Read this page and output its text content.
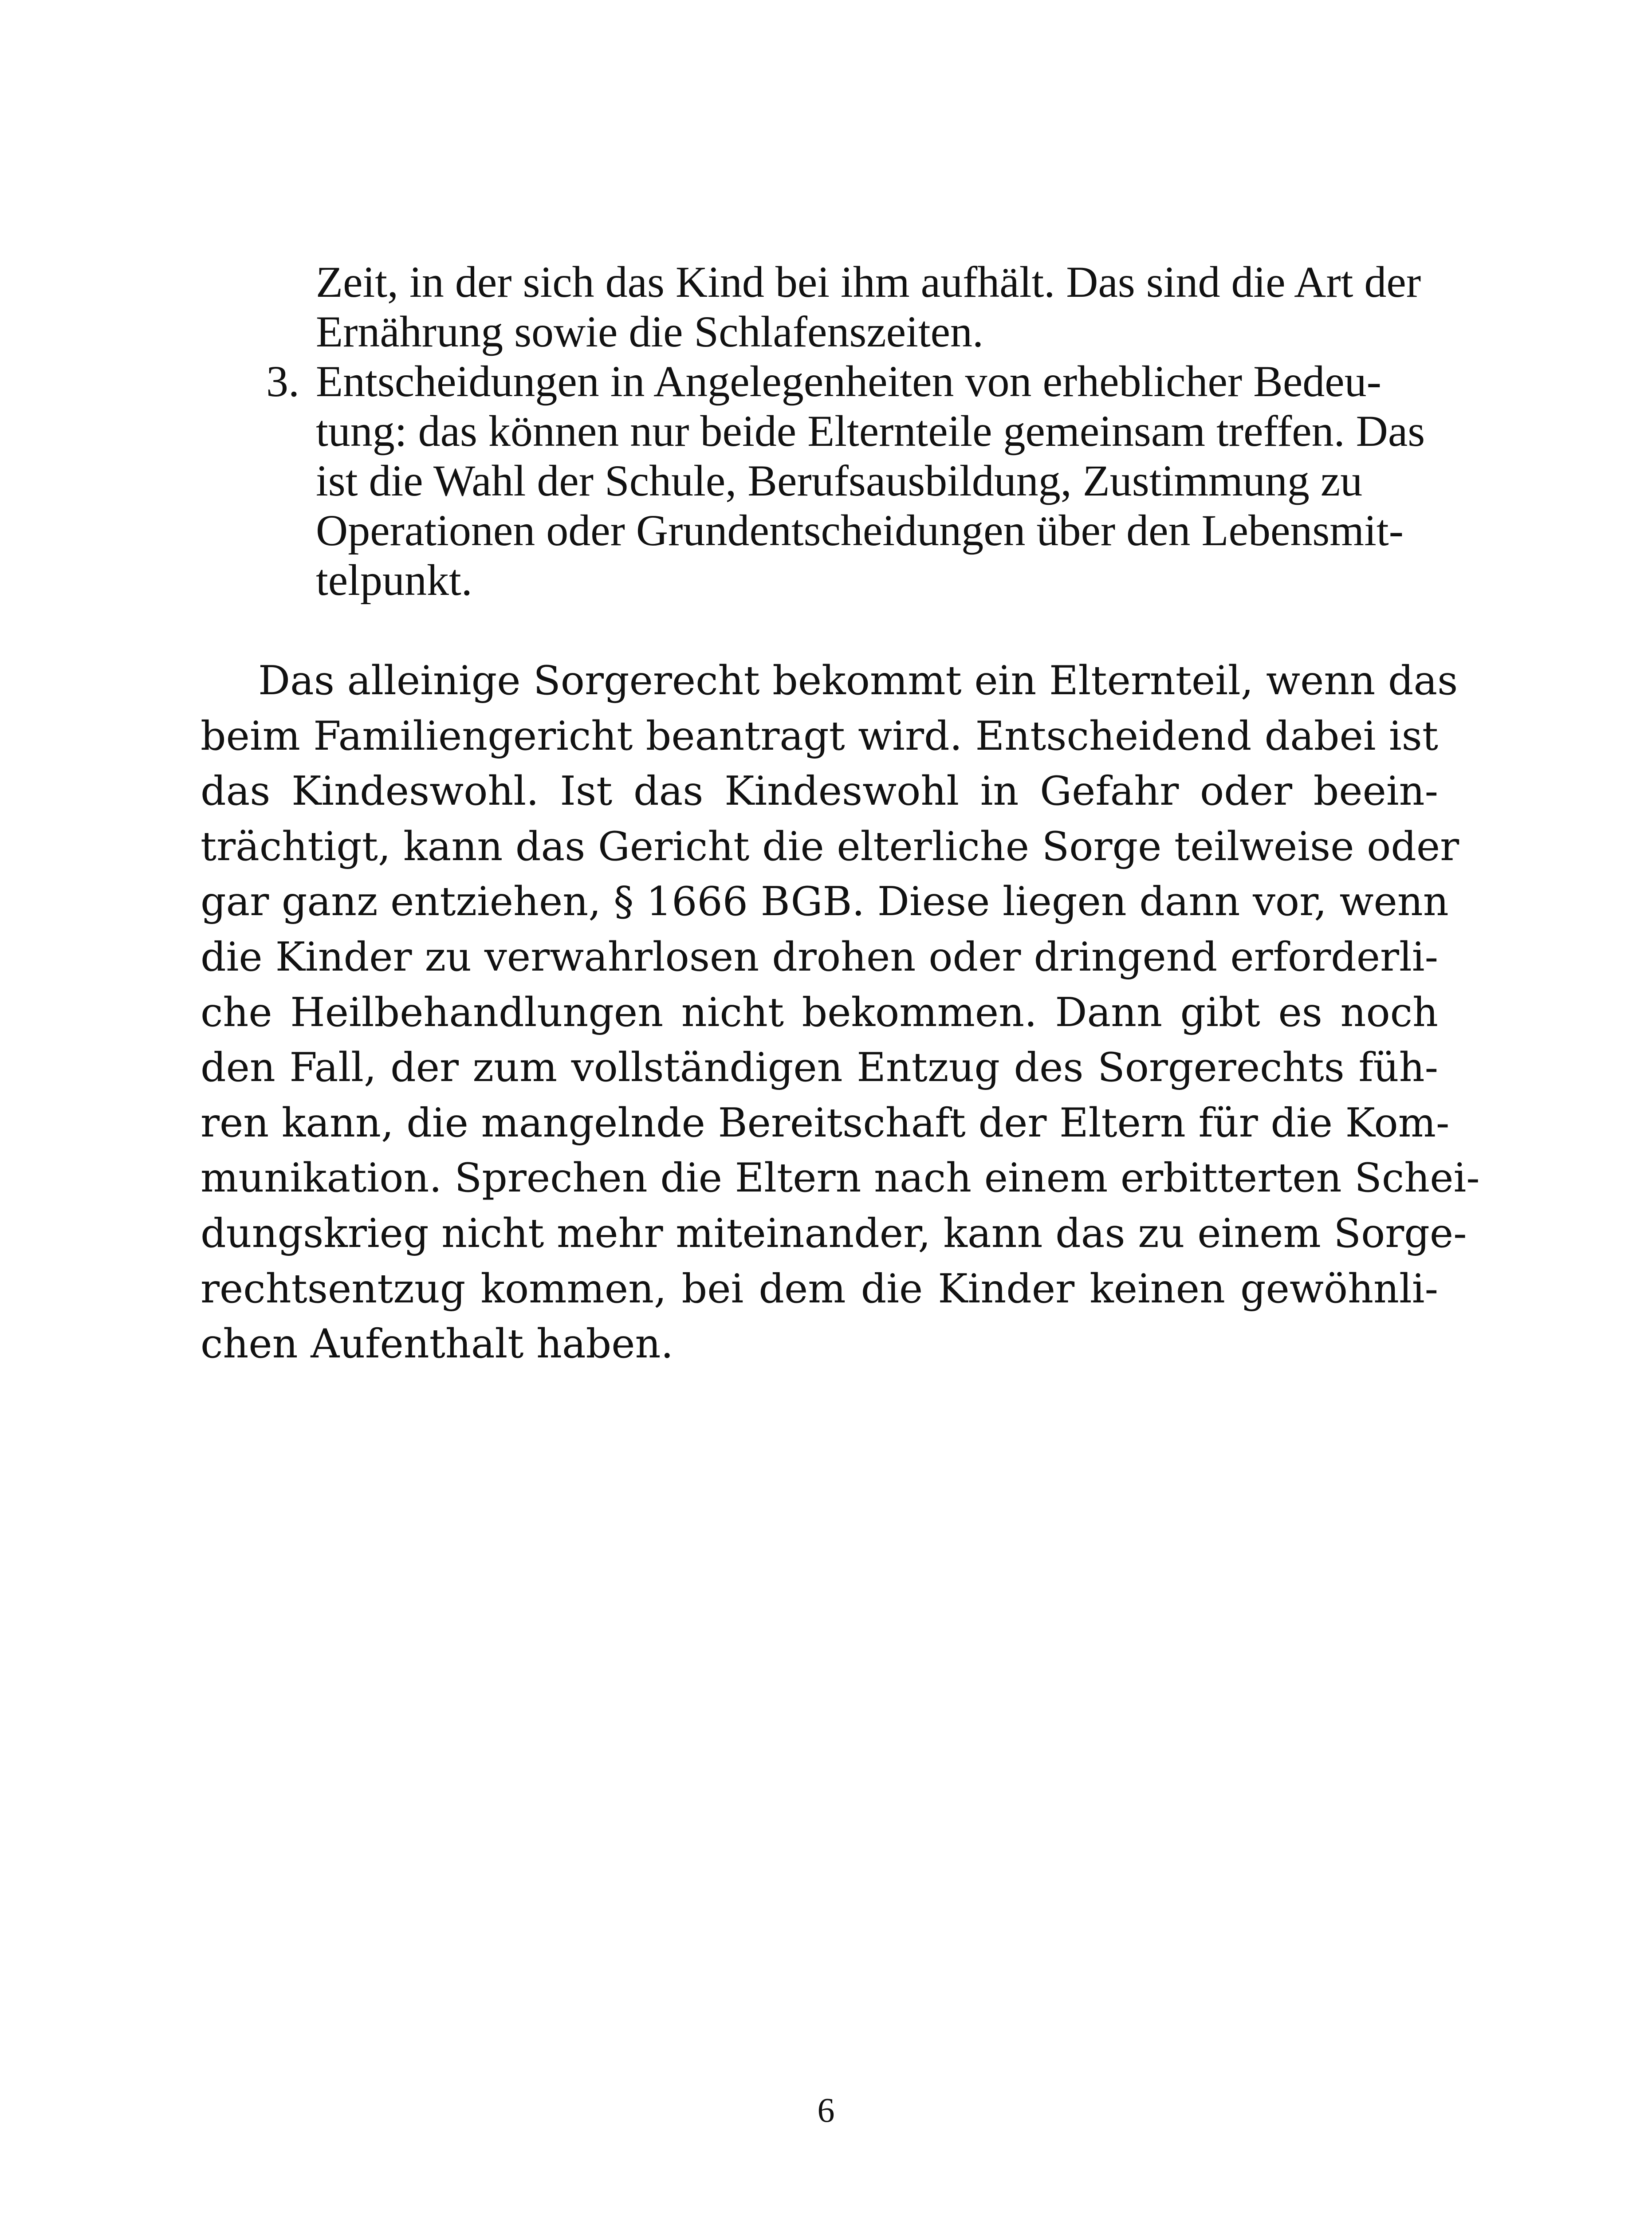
Zeit, in der sich das Kind bei ihm aufhält. Das sind die Art der
Ernährung sowie die Schlafenszeiten.
3. Entscheidungen in Angelegenheiten von erheblicher Bedeu-
tung: das können nur beide Elternteile gemeinsam treffen. Das
ist die Wahl der Schule, Berufsausbildung, Zustimmung zu
Operationen oder Grundentscheidungen über den Lebensmit-
telpunkt.
Das alleinige Sorgerecht bekommt ein Elternteil, wenn das
beim Familiengericht beantragt wird. Entscheidend dabei ist
das Kindeswohl. Ist das Kindeswohl in Gefahr oder beein-
trächtigt, kann das Gericht die elterliche Sorge teilweise oder
gar ganz entziehen, § 1666 BGB. Diese liegen dann vor, wenn
die Kinder zu verwahrlosen drohen oder dringend erforderli-
che Heilbehandlungen nicht bekommen. Dann gibt es noch
den Fall, der zum vollständigen Entzug des Sorgerechts füh-
ren kann, die mangelnde Bereitschaft der Eltern für die Kom-
munikation. Sprechen die Eltern nach einem erbitterten Schei-
dungskrieg nicht mehr miteinander, kann das zu einem Sorge-
rechtsentzug kommen, bei dem die Kinder keinen gewöhnli-
chen Aufenthalt haben.
6
